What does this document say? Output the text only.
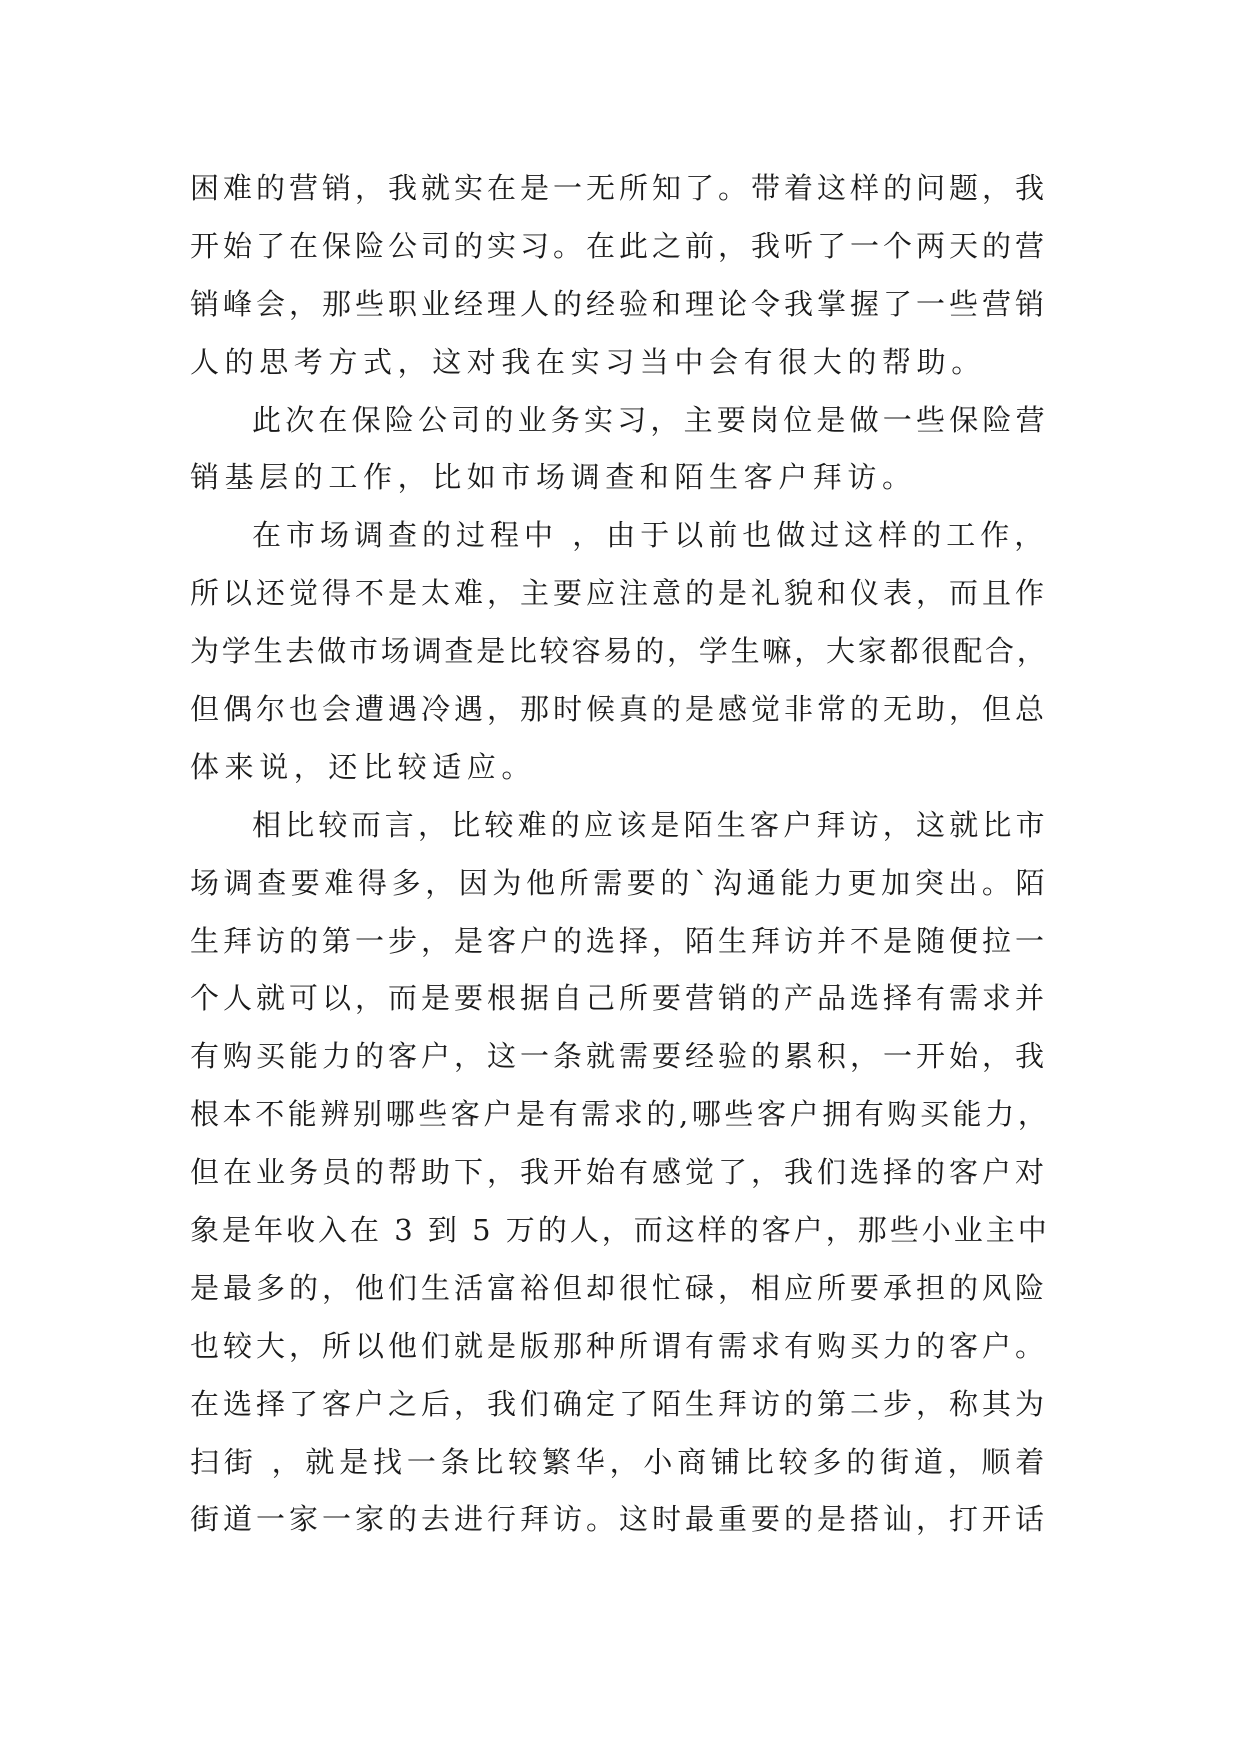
困难的营销，我就实在是一无所知了。带着这样的问题，我
开始了在保险公司的实习。在此之前，我听了一个两天的营
销峰会，那些职业经理人的经验和理论令我掌握了一些营销
人的思考方式，这对我在实习当中会有很大的帮助。
此次在保险公司的业务实习，主要岗位是做一些保险营
销基层的工作，比如市场调查和陌生客户拜访。
在市场调查的过程中 ，由于以前也做过这样的工作，
所以还觉得不是太难，主要应注意的是礼貌和仪表，而且作
为学生去做市场调查是比较容易的，学生嘛，大家都很配合，
但偶尔也会遭遇冷遇，那时候真的是感觉非常的无助，但总
体来说，还比较适应。
相比较而言，比较难的应该是陌生客户拜访，这就比市
场调查要难得多，因为他所需要的`沟通能力更加突出。陌
生拜访的第一步，是客户的选择，陌生拜访并不是随便拉一
个人就可以，而是要根据自己所要营销的产品选择有需求并
有购买能力的客户，这一条就需要经验的累积，一开始，我
根本不能辨别哪些客户是有需求的,哪些客户拥有购买能力，
但在业务员的帮助下，我开始有感觉了，我们选择的客户对
象是年收入在 3 到 5 万的人，而这样的客户，那些小业主中
是最多的，他们生活富裕但却很忙碌，相应所要承担的风险
也较大，所以他们就是版那种所谓有需求有购买力的客户。
在选择了客户之后，我们确定了陌生拜访的第二步，称其为
扫街 ，就是找一条比较繁华，小商铺比较多的街道，顺着
街道一家一家的去进行拜访。这时最重要的是搭讪，打开话
